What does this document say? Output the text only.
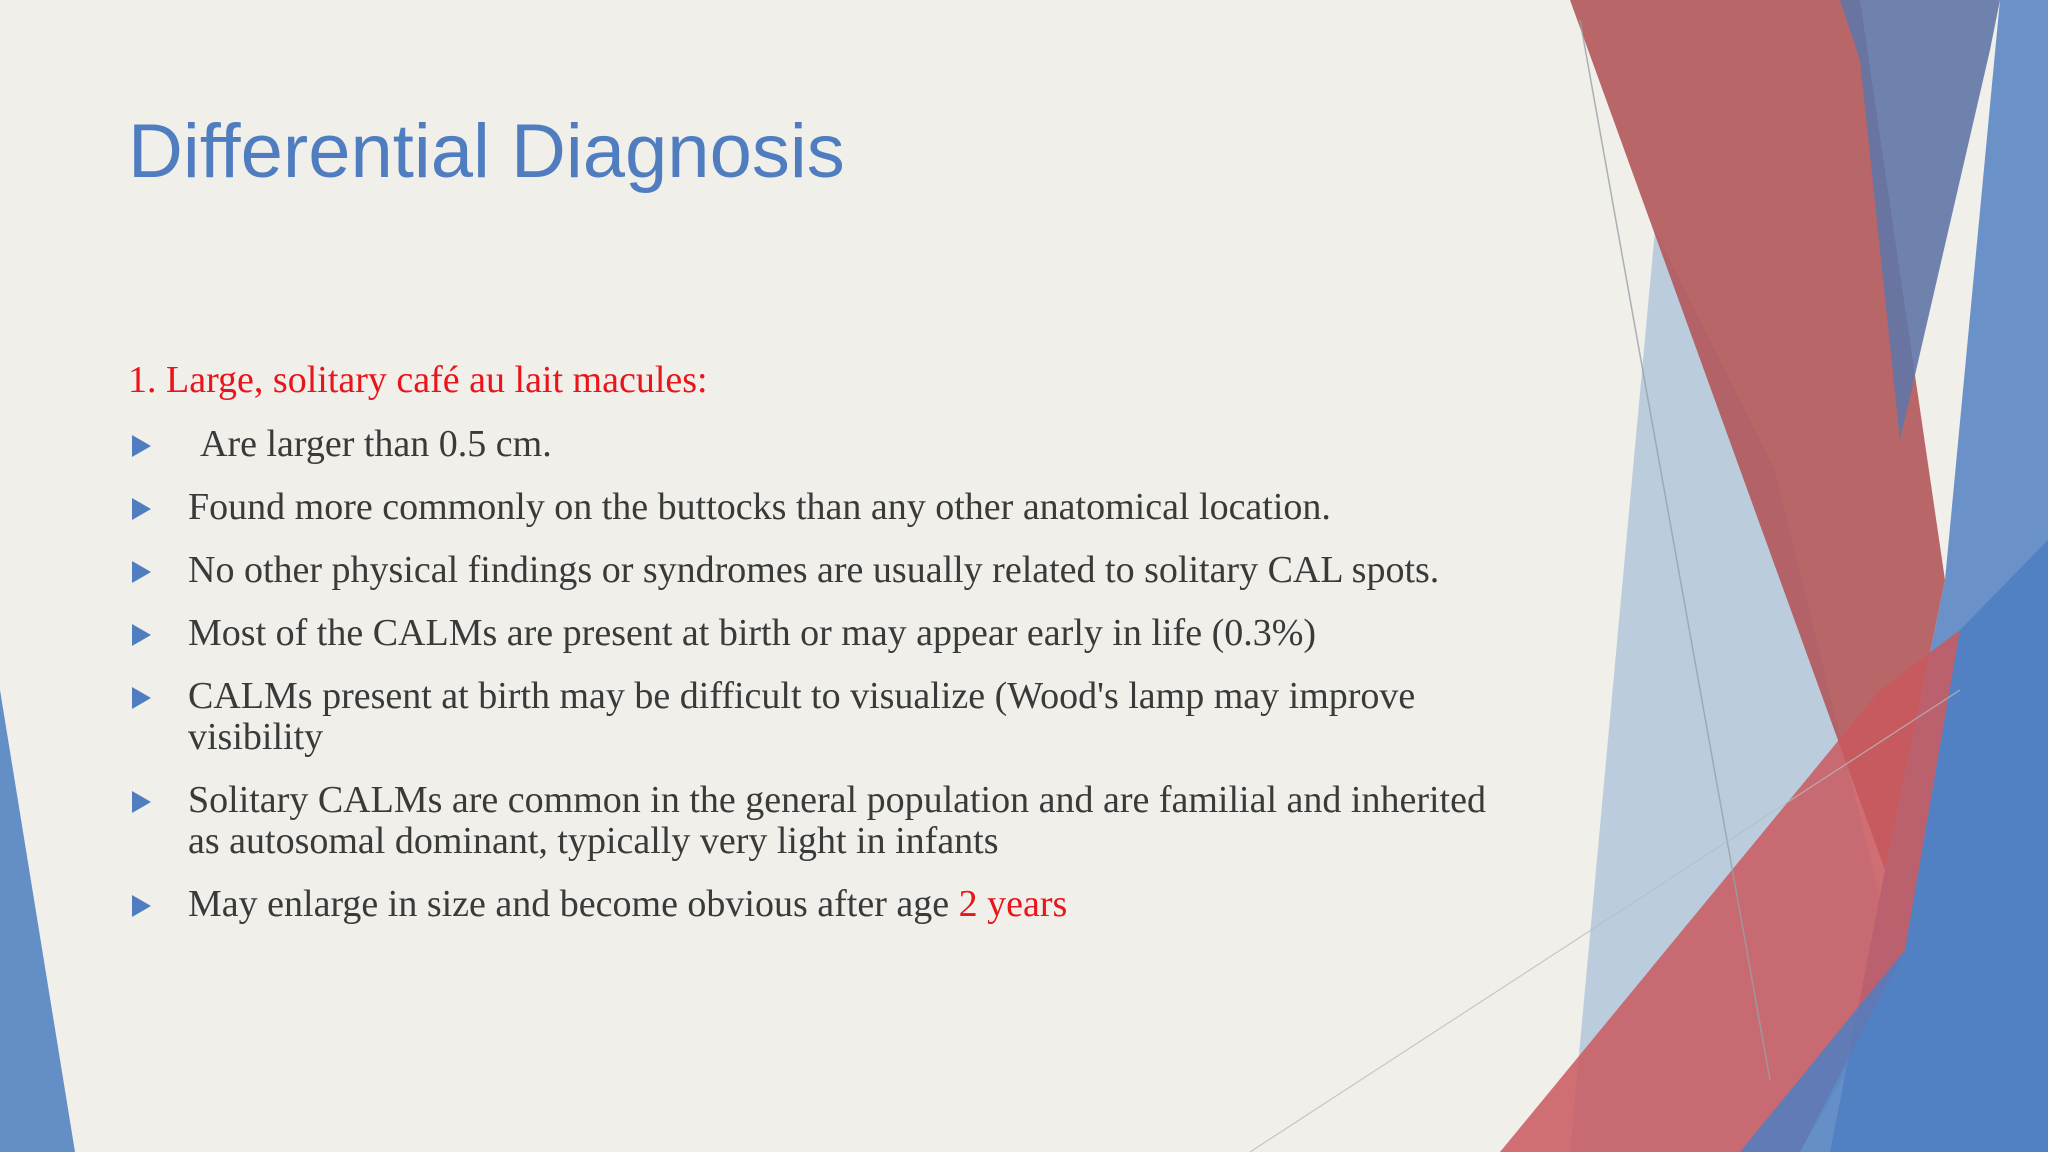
Differential Diagnosis

1. Large, solitary café au lait macules:

Are larger than 0.5 cm.
Found more commonly on the buttocks than any other anatomical location.
No other physical findings or syndromes are usually related to solitary CAL spots.
Most of the CALMs are present at birth or may appear early in life (0.3%)
CALMs present at birth may be difficult to visualize (Wood's lamp may improve visibility
Solitary CALMs are common in the general population and are familial and inherited as autosomal dominant, typically very light in infants
May enlarge in size and become obvious after age 2 years
